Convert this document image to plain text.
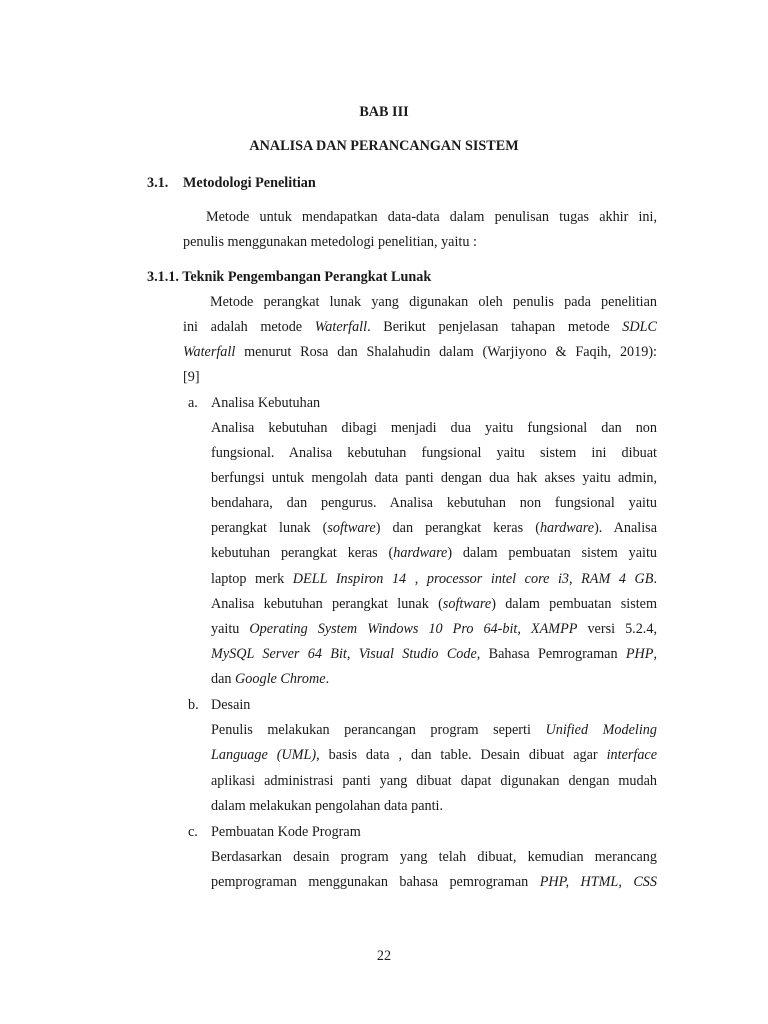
BAB III
ANALISA DAN PERANCANGAN SISTEM
3.1. Metodologi Penelitian
Metode untuk mendapatkan data-data dalam penulisan tugas akhir ini,
penulis menggunakan metedologi penelitian, yaitu :
3.1.1. Teknik Pengembangan Perangkat Lunak
Metode perangkat lunak yang digunakan oleh penulis pada penelitian
ini adalah metode Waterfall. Berikut penjelasan tahapan metode SDLC
Waterfall menurut Rosa dan Shalahudin dalam (Warjiyono & Faqih, 2019):
[9]
a. Analisa Kebutuhan
Analisa kebutuhan dibagi menjadi dua yaitu fungsional dan non
fungsional. Analisa kebutuhan fungsional yaitu sistem ini dibuat
berfungsi untuk mengolah data panti dengan dua hak akses yaitu admin,
bendahara, dan pengurus. Analisa kebutuhan non fungsional yaitu
perangkat lunak (software) dan perangkat keras (hardware). Analisa
kebutuhan perangkat keras (hardware) dalam pembuatan sistem yaitu
laptop merk DELL Inspiron 14 , processor intel core i3, RAM 4 GB.
Analisa kebutuhan perangkat lunak (software) dalam pembuatan sistem
yaitu Operating System Windows 10 Pro 64-bit, XAMPP versi 5.2.4,
MySQL Server 64 Bit, Visual Studio Code, Bahasa Pemrograman PHP,
dan Google Chrome.
b. Desain
Penulis melakukan perancangan program seperti Unified Modeling
Language (UML), basis data , dan table. Desain dibuat agar interface
aplikasi administrasi panti yang dibuat dapat digunakan dengan mudah
dalam melakukan pengolahan data panti.
c. Pembuatan Kode Program
Berdasarkan desain program yang telah dibuat, kemudian merancang
pemprograman menggunakan bahasa pemrograman PHP, HTML, CSS
22
